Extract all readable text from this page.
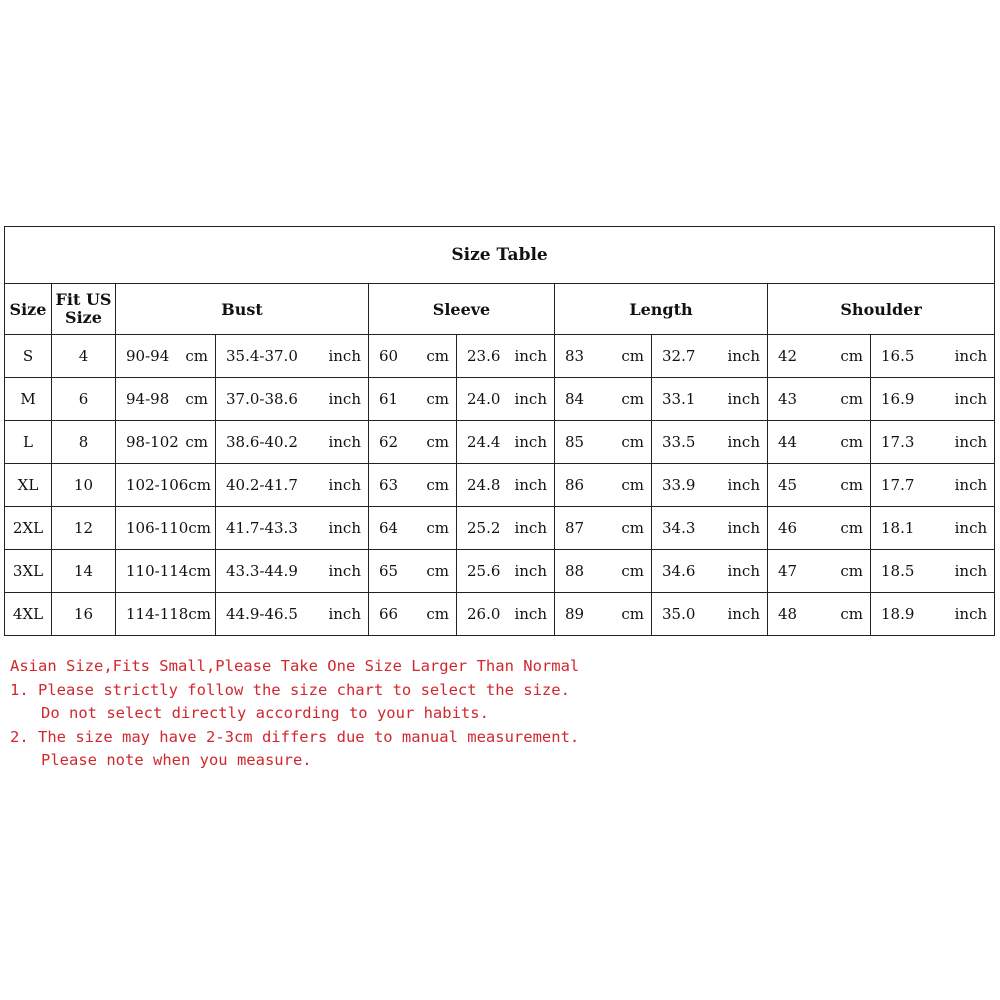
Size Table									
Size	Fit US Size	Bust		Sleeve		Length		Shoulder	
S	4	90-94 cm	35.4-37.0 inch	60 cm	23.6 inch	83 cm	32.7 inch	42 cm	16.5 inch

M	6	94-98 cm	37.0-38.6 inch	61 cm	24.0 inch	84 cm	33.1 inch	43 cm	16.9 inch

L	8	98-102 cm	38.6-40.2 inch	62 cm	24.4 inch	85 cm	33.5 inch	44 cm	17.3 inch

XL	10	102-106 cm	40.2-41.7 inch	63 cm	24.8 inch	86 cm	33.9 inch	45 cm	17.7 inch

2XL	12	106-110 cm	41.7-43.3 inch	64 cm	25.2 inch	87 cm	34.3 inch	46 cm	18.1 inch

3XL	14	110-114 cm	43.3-44.9 inch	65 cm	25.6 inch	88 cm	34.6 inch	47 cm	18.5 inch

4XL	16	114-118 cm	44.9-46.5 inch	66 cm	26.0 inch	89 cm	35.0 inch	48 cm	18.9 inch
Asian Size,Fits Small,Please Take One Size Larger Than Normal
1. Please strictly follow the size chart to select the size.
Do not select directly according to your habits.
2. The size may have 2-3cm differs due to manual measurement.
Please note when you measure.
